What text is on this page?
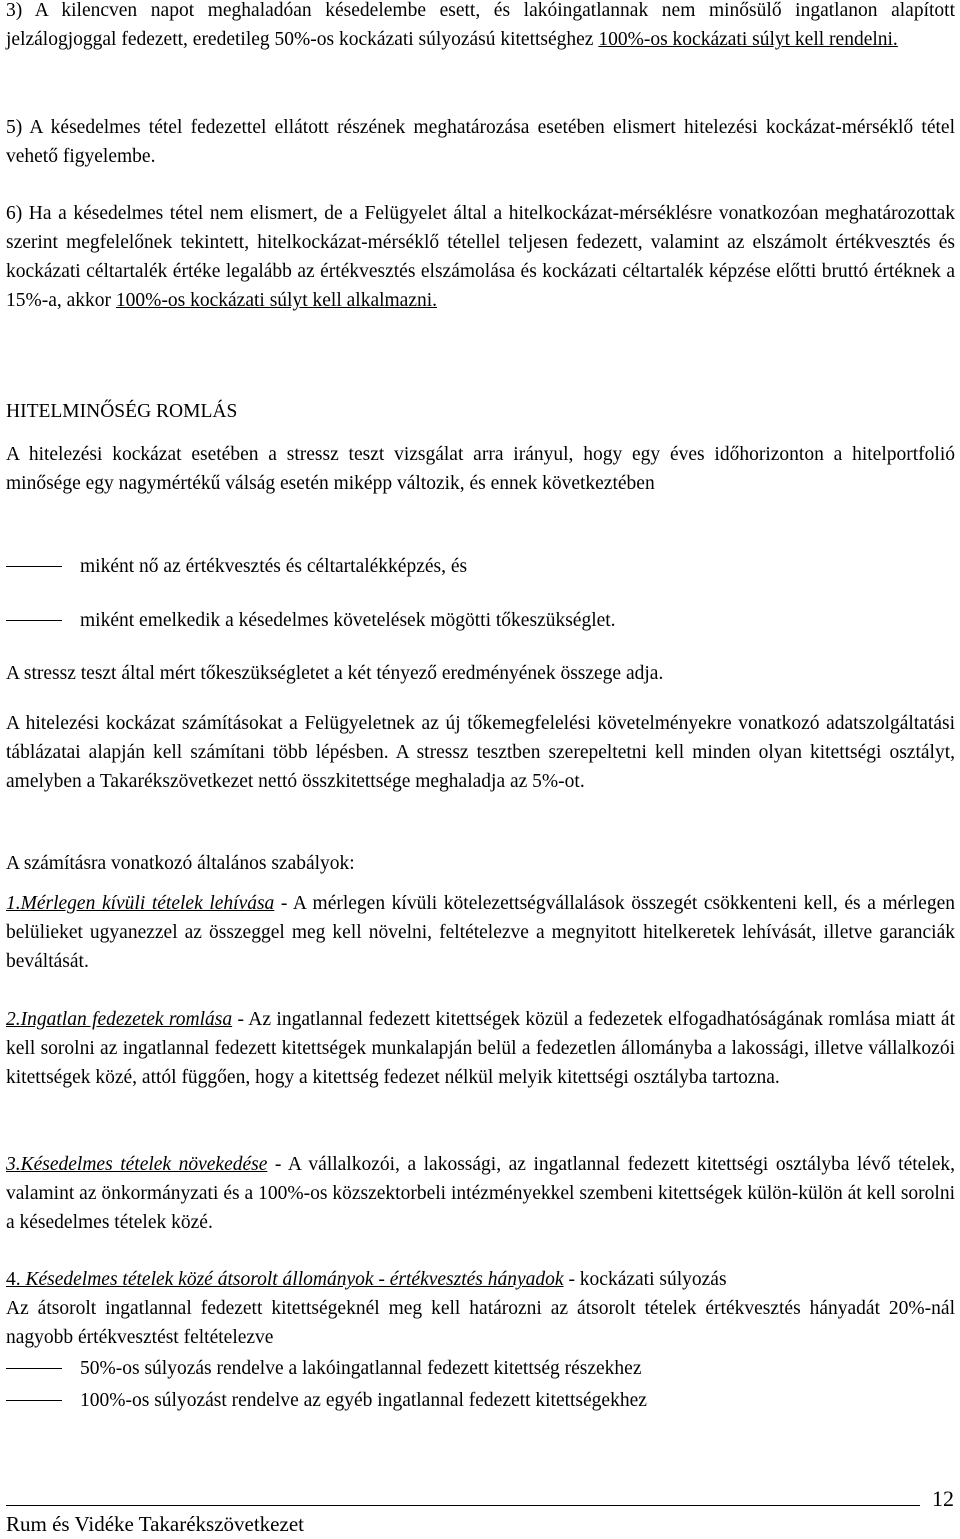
3) A kilencven napot meghaladóan késedelembe esett, és lakóingatlannak nem minősülő ingatlanon alapított jelzálogjoggal fedezett, eredetileg 50%-os kockázati súlyozású kitettséghez 100%-os kockázati súlyt kell rendelni.

5) A késedelmes tétel fedezettel ellátott részének meghatározása esetében elismert hitelezési kockázat-mérséklő tétel vehető figyelembe.

6) Ha a késedelmes tétel nem elismert, de a Felügyelet által a hitelkockázat-mérséklésre vonatkozóan meghatározottak szerint megfelelőnek tekintett, hitelkockázat-mérséklő tétellel teljesen fedezett, valamint az elszámolt értékvesztés és kockázati céltartalék értéke legalább az értékvesztés elszámolása és kockázati céltartalék képzése előtti bruttó értéknek a 15%-a, akkor 100%-os kockázati súlyt kell alkalmazni.

HITELMINŐSÉG ROMLÁS

A hitelezési kockázat esetében a stressz teszt vizsgálat arra irányul, hogy egy éves időhorizonton a hitelportfolió minősége egy nagymértékű válság esetén miképp változik, és ennek következtében

miként nő az értékvesztés és céltartalékképzés, és

miként emelkedik a késedelmes követelések mögötti tőkeszükséglet.

A stressz teszt által mért tőkeszükségletet a két tényező eredményének összege adja.

A hitelezési kockázat számításokat a Felügyeletnek az új tőkemegfelelési követelményekre vonatkozó adatszolgáltatási táblázatai alapján kell számítani több lépésben. A stressz tesztben szerepeltetni kell minden olyan kitettségi osztályt, amelyben a Takarékszövetkezet nettó összkitettsége meghaladja az 5%-ot.

A számításra vonatkozó általános szabályok:

1.Mérlegen kívüli tételek lehívása - A mérlegen kívüli kötelezettségvállalások összegét csökkenteni kell, és a mérlegen belülieket ugyanezzel az összeggel meg kell növelni, feltételezve a megnyitott hitelkeretek lehívását, illetve garanciák beváltását.

2.Ingatlan fedezetek romlása - Az ingatlannal fedezett kitettségek közül a fedezetek elfogadhatóságának romlása miatt át kell sorolni az ingatlannal fedezett kitettségek munkalapján belül a fedezetlen állományba a lakossági, illetve vállalkozói kitettségek közé, attól függően, hogy a kitettség fedezet nélkül melyik kitettségi osztályba tartozna.

3.Késedelmes tételek növekedése - A vállalkozói, a lakossági, az ingatlannal fedezett kitettségi osztályba lévő tételek, valamint az önkormányzati és a 100%-os közszektorbeli intézményekkel szembeni kitettségek külön-külön át kell sorolni a késedelmes tételek közé.

4. Késedelmes tételek közé átsorolt állományok - értékvesztés hányadok - kockázati súlyozás

Az átsorolt ingatlannal fedezett kitettségeknél meg kell határozni az átsorolt tételek értékvesztés hányadát 20%-nál nagyobb értékvesztést feltételezve

50%-os súlyozás rendelve a lakóingatlannal fedezett kitettség részekhez

100%-os súlyozást rendelve az egyéb ingatlannal fedezett kitettségekhez

Rum és Vidéke Takarékszövetkezet
12
